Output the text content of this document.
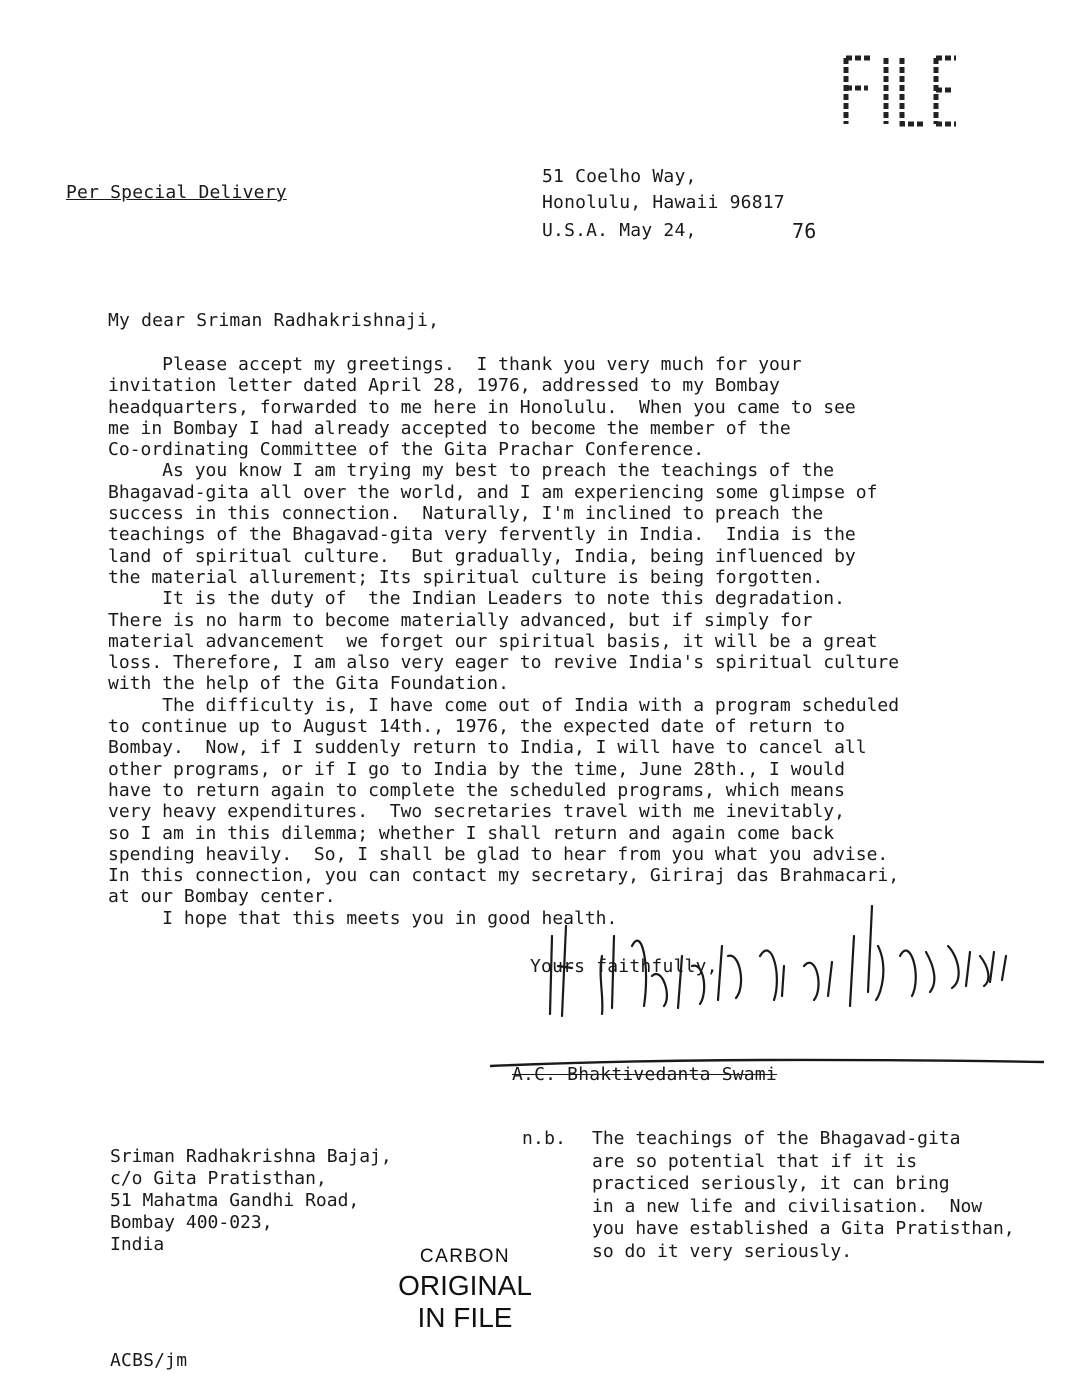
Per Special Delivery
51 Coelho Way,
Honolulu, Hawaii 96817
U.S.A. May 24,	76
My dear Sriman Radhakrishnaji,
Please accept my greetings.  I thank you very much for your
invitation letter dated April 28, 1976, addressed to my Bombay
headquarters, forwarded to me here in Honolulu.  When you came to see
me in Bombay I had already accepted to become the member of the
Co-ordinating Committee of the Gita Prachar Conference.
As you know I am trying my best to preach the teachings of the
Bhagavad-gita all over the world, and I am experiencing some glimpse of
success in this connection.  Naturally, I'm inclined to preach the
teachings of the Bhagavad-gita very fervently in India.  India is the
land of spiritual culture.  But gradually, India, being influenced by
the material allurement; Its spiritual culture is being forgotten.
It is the duty of  the Indian Leaders to note this degradation.
There is no harm to become materially advanced, but if simply for
material advancement  we forget our spiritual basis, it will be a great
loss. Therefore, I am also very eager to revive India's spiritual culture
with the help of the Gita Foundation.
The difficulty is, I have come out of India with a program scheduled
to continue up to August 14th., 1976, the expected date of return to
Bombay.  Now, if I suddenly return to India, I will have to cancel all
other programs, or if I go to India by the time, June 28th., I would
have to return again to complete the scheduled programs, which means
very heavy expenditures.  Two secretaries travel with me inevitably,
so I am in this dilemma; whether I shall return and again come back
spending heavily.  So, I shall be glad to hear from you what you advise.
In this connection, you can contact my secretary, Giriraj das Brahmacari,
at our Bombay center.
I hope that this meets you in good health.
Yours faithfully,
A.C. Bhaktivedanta Swami
Sriman Radhakrishna Bajaj,
c/o Gita Pratisthan,
51 Mahatma Gandhi Road,
Bombay 400-023,
India
n.b. The teachings of the Bhagavad-gita
are so potential that if it is
practiced seriously, it can bring
in a new life and civilisation.  Now
you have established a Gita Pratisthan,
so do it very seriously.
CARBON
ORIGINAL
IN FILE
ACBS/jm
